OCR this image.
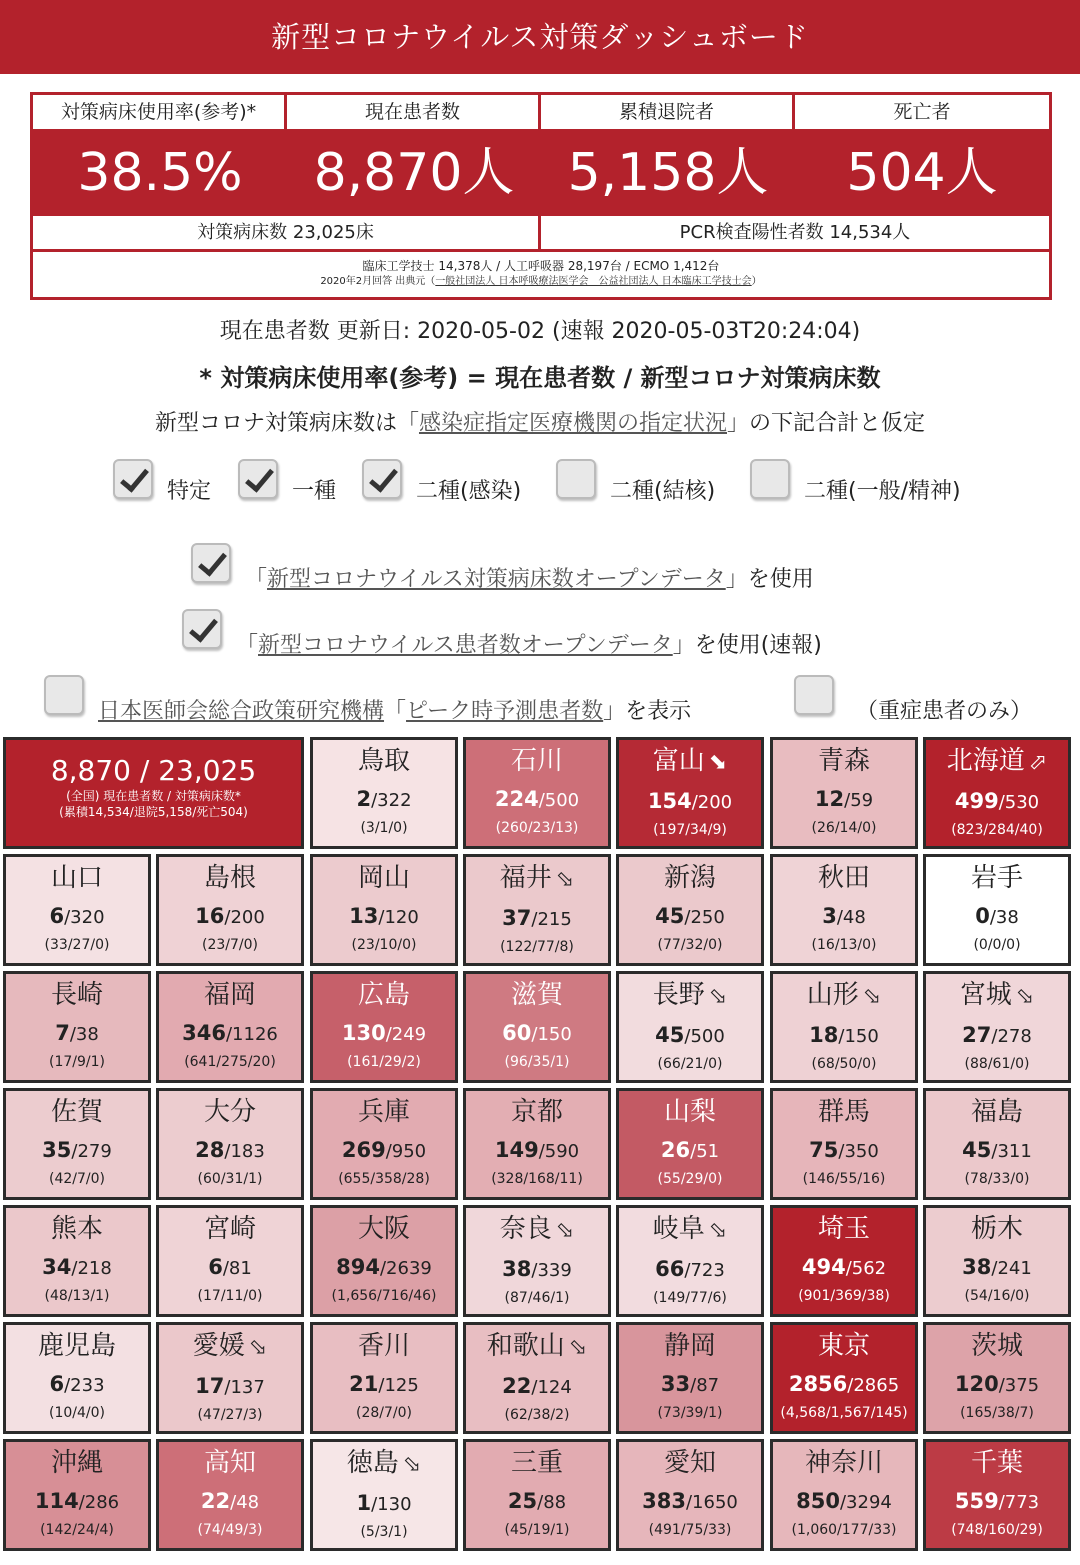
新型コロナウイルス対策ダッシュボード
対策病床使用率(参考)*	現在患者数	累積退院者	死亡者
38.5%	8,870人	5,158人	504人
対策病床数 23,025床	PCR検査陽性者数 14,534人
臨床工学技士 14,378人 / 人工呼吸器 28,197台 / ECMO 1,412台
2020年2月回答 出典元（一般社団法人 日本呼吸療法医学会　公益社団法人 日本臨床工学技士会）
現在患者数 更新日: 2020-05-02 (速報 2020-05-03T20:24:04)
* 対策病床使用率(参考) = 現在患者数 / 新型コロナ対策病床数
新型コロナ対策病床数は「感染症指定医療機関の指定状況」の下記合計と仮定
特定	一種	二種(感染)	二種(結核)	二種(一般/精神)
「新型コロナウイルス対策病床数オープンデータ」を使用
「新型コロナウイルス患者数オープンデータ」を使用(速報)
日本医師会総合政策研究機構「ピーク時予測患者数」を表示	（重症患者のみ）
8,870 / 23,025
(全国) 現在患者数 / 対策病床数*
(累積14,534/退院5,158/死亡504)
鳥取
2/322
(3/1/0)
石川
224/500
(260/23/13)
富山 ⬊
154/200
(197/34/9)
青森
12/59
(26/14/0)
北海道 ⬀
499/530
(823/284/40)
山口
6/320
(33/27/0)
島根
16/200
(23/7/0)
岡山
13/120
(23/10/0)
福井 ⬂
37/215
(122/77/8)
新潟
45/250
(77/32/0)
秋田
3/48
(16/13/0)
岩手
0/38
(0/0/0)
長崎
7/38
(17/9/1)
福岡
346/1126
(641/275/20)
広島
130/249
(161/29/2)
滋賀
60/150
(96/35/1)
長野 ⬂
45/500
(66/21/0)
山形 ⬂
18/150
(68/50/0)
宮城 ⬂
27/278
(88/61/0)
佐賀
35/279
(42/7/0)
大分
28/183
(60/31/1)
兵庫
269/950
(655/358/28)
京都
149/590
(328/168/11)
山梨
26/51
(55/29/0)
群馬
75/350
(146/55/16)
福島
45/311
(78/33/0)
熊本
34/218
(48/13/1)
宮崎
6/81
(17/11/0)
大阪
894/2639
(1,656/716/46)
奈良 ⬂
38/339
(87/46/1)
岐阜 ⬂
66/723
(149/77/6)
埼玉
494/562
(901/369/38)
栃木
38/241
(54/16/0)
鹿児島
6/233
(10/4/0)
愛媛 ⬂
17/137
(47/27/3)
香川
21/125
(28/7/0)
和歌山 ⬂
22/124
(62/38/2)
静岡
33/87
(73/39/1)
東京
2856/2865
(4,568/1,567/145)
茨城
120/375
(165/38/7)
沖縄
114/286
(142/24/4)
高知
22/48
(74/49/3)
徳島 ⬂
1/130
(5/3/1)
三重
25/88
(45/19/1)
愛知
383/1650
(491/75/33)
神奈川
850/3294
(1,060/177/33)
千葉
559/773
(748/160/29)
